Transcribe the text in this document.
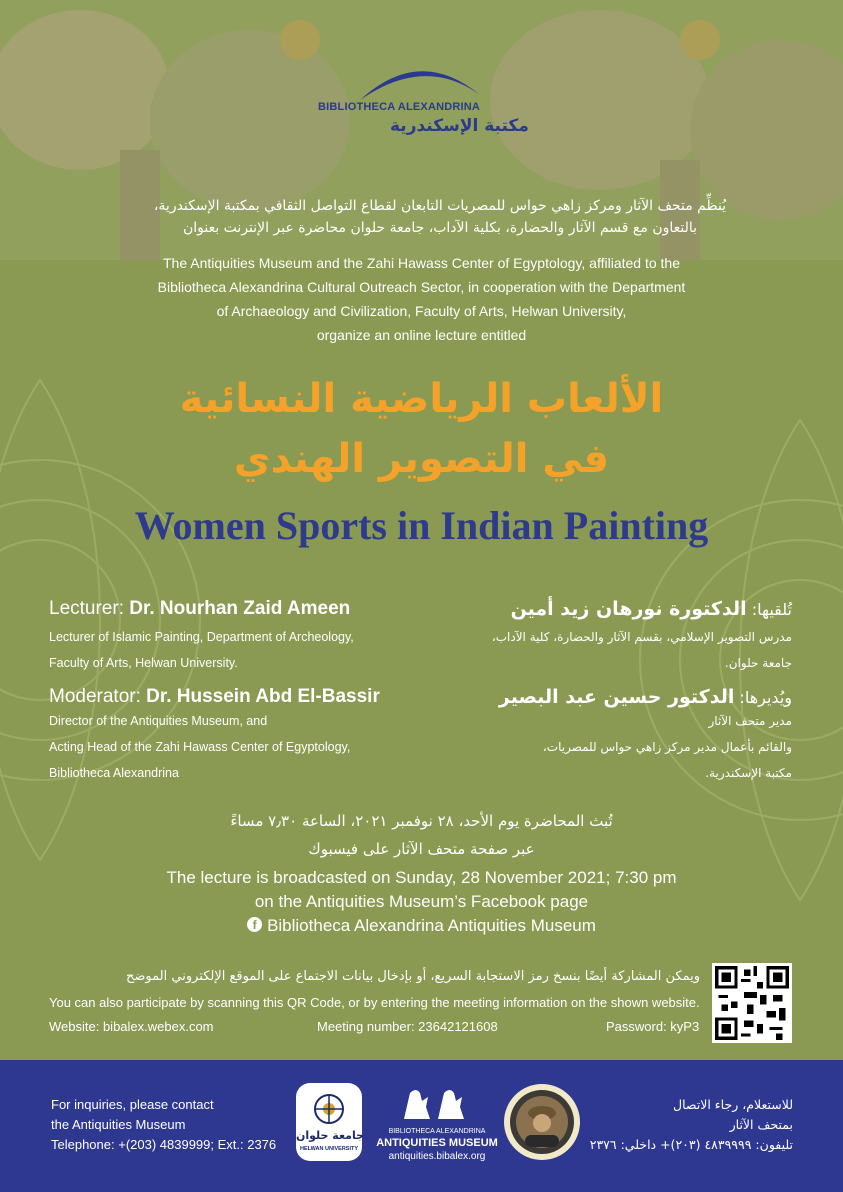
BIBLIOTHECA ALEXANDRINA
مكتبة الإسكندرية
يُنظِّم متحف الآثار ومركز زاهي حواس للمصريات التابعان لقطاع التواصل الثقافي بمكتبة الإسكندرية،
بالتعاون مع قسم الآثار والحضارة، بكلية الآداب، جامعة حلوان محاضرة عبر الإنترنت بعنوان
The Antiquities Museum and the Zahi Hawass Center of Egyptology, affiliated to the
Bibliotheca Alexandrina Cultural Outreach Sector, in cooperation with the Department
of Archaeology and Civilization, Faculty of Arts, Helwan University,
organize an online lecture entitled
الألعاب الرياضية النسائية
في التصوير الهندي
Women Sports in Indian Painting
Lecturer: Dr. Nourhan Zaid Ameen
Lecturer of Islamic Painting, Department of Archeology,
Faculty of Arts, Helwan University.
Moderator: Dr. Hussein Abd El-Bassir
Director of the Antiquities Museum, and
Acting Head of the Zahi Hawass Center of Egyptology,
Bibliotheca Alexandrina
تُلقيها: الدكتورة نورهان زيد أمين
مدرس التصوير الإسلامي، بقسم الآثار والحضارة، كلية الآداب،
جامعة حلوان.
ويُديرها: الدكتور حسين عبد البصير
مدير متحف الآثار
والقائم بأعمال مدير مركز زاهي حواس للمصريات،
مكتبة الإسكندرية.
تُبث المحاضرة يوم الأحد، ٢٨ نوفمبر ٢٠٢١، الساعة ٧٫٣٠ مساءً
عبر صفحة متحف الآثار على فيسبوك
The lecture is broadcasted on Sunday, 28 November 2021; 7:30 pm
on the Antiquities Museum’s Facebook page
f Bibliotheca Alexandrina Antiquities Museum
ويمكن المشاركة أيضًا بنسخ رمز الاستجابة السريع، أو بإدخال بيانات الاجتماع على الموقع الإلكتروني الموضح
You can also participate by scanning this QR Code, or by entering the meeting information on the shown website.
Website: bibalex.webex.com	Meeting number: 23642121608	Password: kyP3
For inquiries, please contact
the Antiquities Museum
Telephone: +(203) 4839999; Ext.: 2376
للاستعلام، رجاء الاتصال
بمتحف الآثار
تليفون: ٤٨٣٩٩٩٩ (٢٠٣)+ داخلي: ٢٣٧٦
جامعة حلوان
HELWAN UNIVERSITY
BIBLIOTHECA ALEXANDRINA
ANTIQUITIES MUSEUM
antiquities.bibalex.org
